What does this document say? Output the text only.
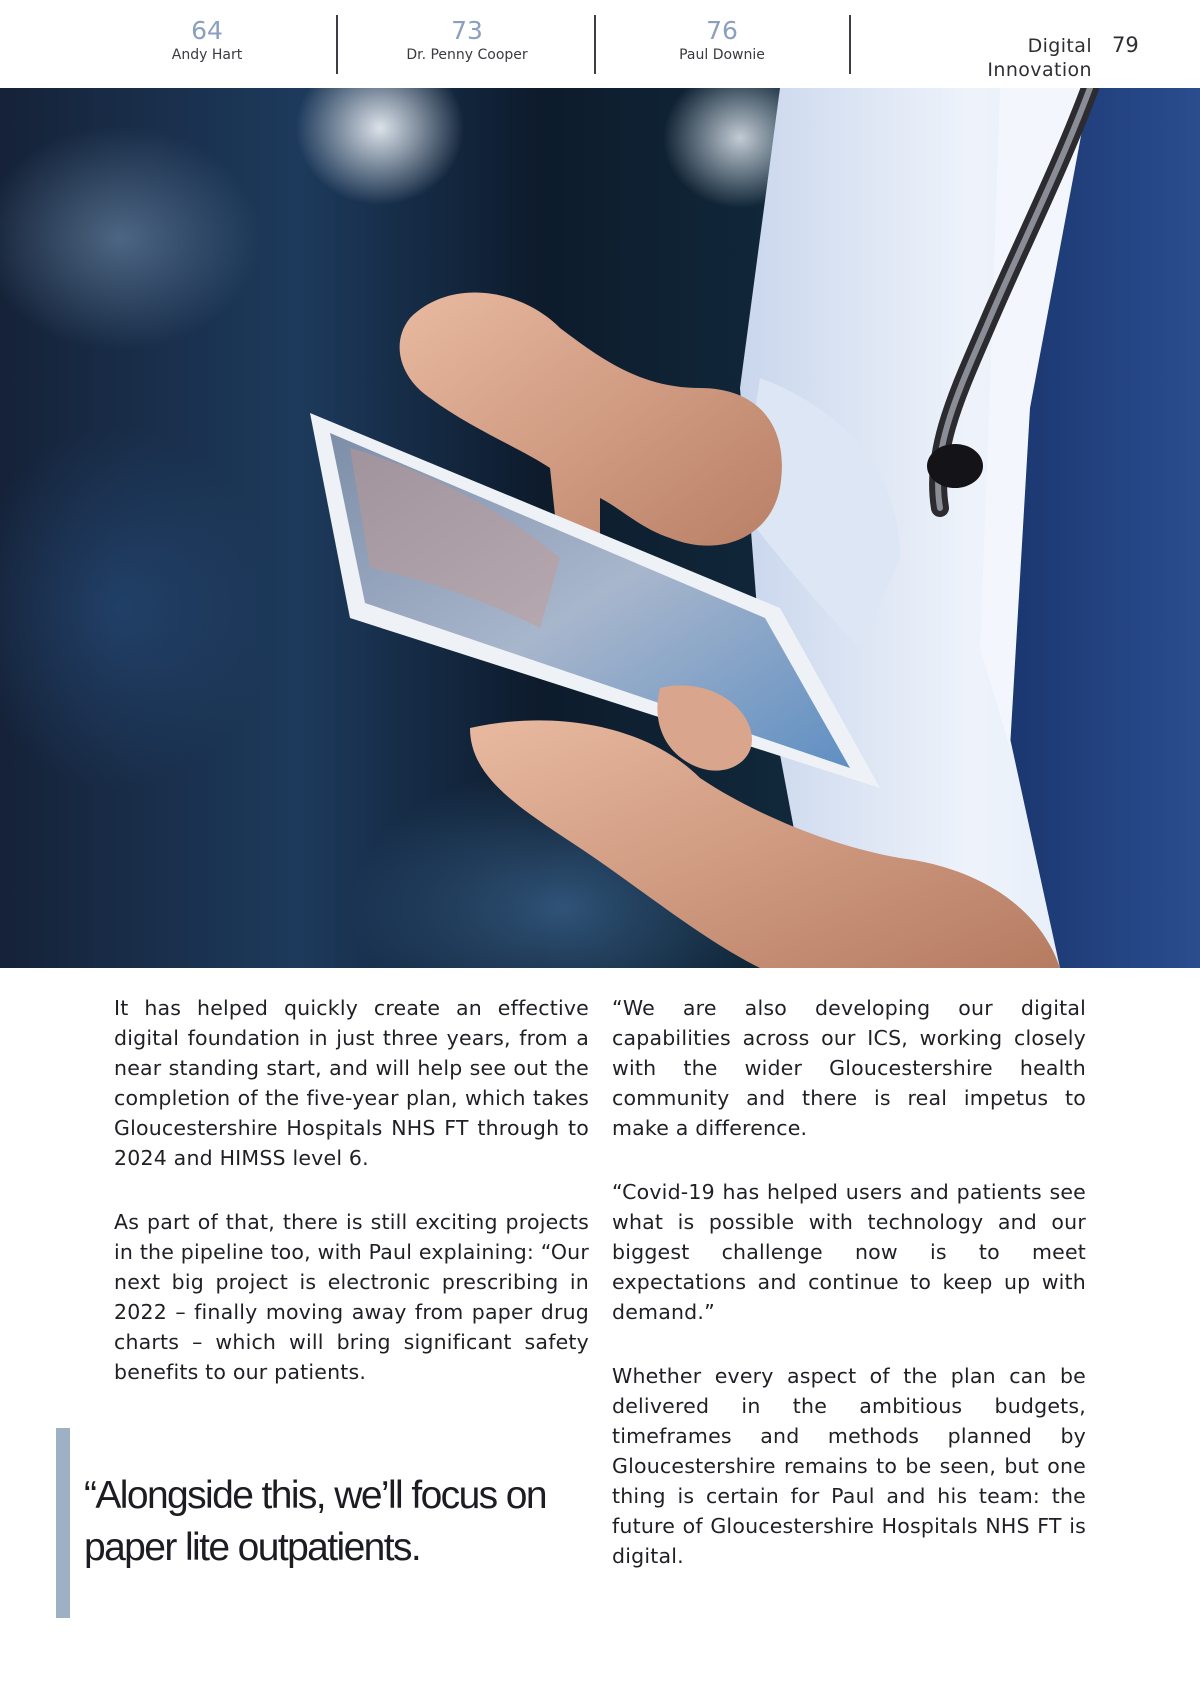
64
Andy Hart
73
Dr. Penny Cooper
76
Paul Downie	Digital Innovation
79

It has helped quickly create an effective digital foundation in just three years, from a near standing start, and will help see out the completion of the five-year plan, which takes Gloucestershire Hospitals NHS FT through to 2024 and HIMSS level 6.

As part of that, there is still exciting projects in the pipeline too, with Paul explaining: “Our next big project is electronic prescribing in 2022 – finally moving away from paper drug charts – which will bring significant safety benefits to our patients.

“We are also developing our digital capabilities across our ICS, working closely with the wider Gloucestershire health community and there is real impetus to make a difference.

“Covid-19 has helped users and patients see what is possible with technology and our biggest challenge now is to meet expectations and continue to keep up with demand.”

Whether every aspect of the plan can be delivered in the ambitious budgets, timeframes and methods planned by Gloucestershire remains to be seen, but one thing is certain for Paul and his team: the future of Gloucestershire Hospitals NHS FT is digital.

“Alongside this, we’ll focus on paper lite outpatients.
